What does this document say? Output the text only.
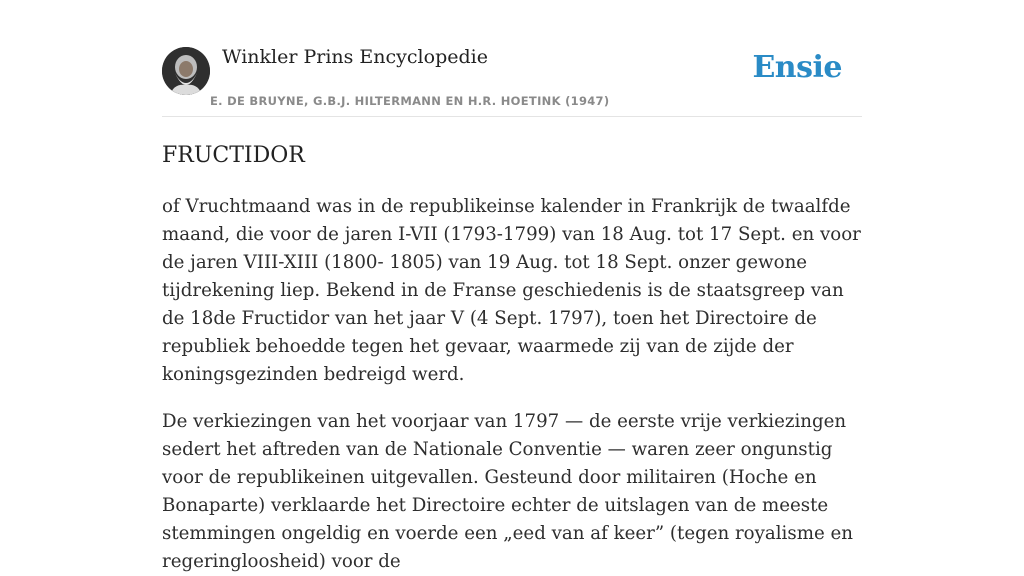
Winkler Prins Encyclopedie
E. DE BRUYNE, G.B.J. HILTERMANN EN H.R. HOETINK (1947)
Ensie
FRUCTIDOR

of Vruchtmaand was in de republikeinse kalender in Frankrijk de twaalfde maand, die voor de jaren I-VII (1793-1799) van 18 Aug. tot 17 Sept. en voor de jaren VIII-XIII (1800- 1805) van 19 Aug. tot 18 Sept. onzer gewone tijdrekening liep. Bekend in de Franse geschiedenis is de staatsgreep van de 18de Fructidor van het jaar V (4 Sept. 1797), toen het Directoire de republiek behoedde tegen het gevaar, waarmede zij van de zijde der koningsgezinden bedreigd werd.

De verkiezingen van het voorjaar van 1797 — de eerste vrije verkiezingen sedert het aftreden van de Nationale Conventie — waren zeer ongunstig voor de republikeinen uitgevallen. Gesteund door militairen (Hoche en Bonaparte) verklaarde het Directoire echter de uitslagen van de meeste stemmingen ongeldig en voerde een „eed van af keer” (tegen royalisme en regeringloosheid) voor de
